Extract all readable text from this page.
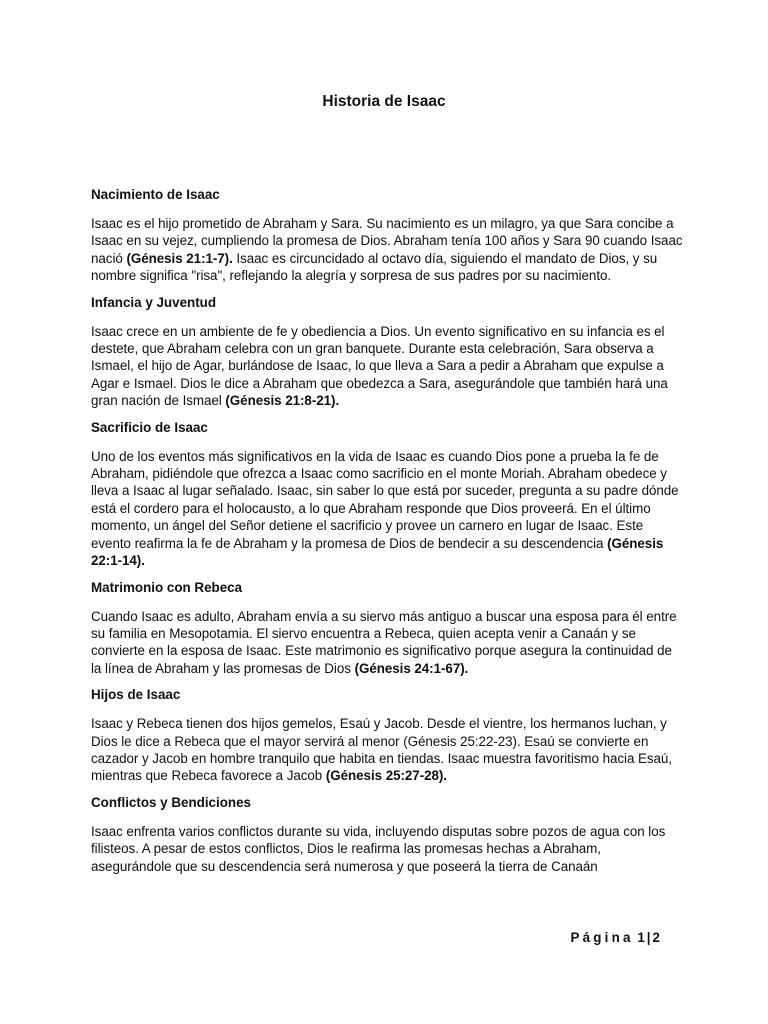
Historia de Isaac

Nacimiento de Isaac

Isaac es el hijo prometido de Abraham y Sara. Su nacimiento es un milagro, ya que Sara concibe a Isaac en su vejez, cumpliendo la promesa de Dios. Abraham tenía 100 años y Sara 90 cuando Isaac nació (Génesis 21:1-7). Isaac es circuncidado al octavo día, siguiendo el mandato de Dios, y su nombre significa "risa", reflejando la alegría y sorpresa de sus padres por su nacimiento.

Infancia y Juventud

Isaac crece en un ambiente de fe y obediencia a Dios. Un evento significativo en su infancia es el destete, que Abraham celebra con un gran banquete. Durante esta celebración, Sara observa a Ismael, el hijo de Agar, burlándose de Isaac, lo que lleva a Sara a pedir a Abraham que expulse a Agar e Ismael. Dios le dice a Abraham que obedezca a Sara, asegurándole que también hará una gran nación de Ismael (Génesis 21:8-21).

Sacrificio de Isaac

Uno de los eventos más significativos en la vida de Isaac es cuando Dios pone a prueba la fe de Abraham, pidiéndole que ofrezca a Isaac como sacrificio en el monte Moriah. Abraham obedece y lleva a Isaac al lugar señalado. Isaac, sin saber lo que está por suceder, pregunta a su padre dónde está el cordero para el holocausto, a lo que Abraham responde que Dios proveerá. En el último momento, un ángel del Señor detiene el sacrificio y provee un carnero en lugar de Isaac. Este evento reafirma la fe de Abraham y la promesa de Dios de bendecir a su descendencia (Génesis 22:1-14).

Matrimonio con Rebeca

Cuando Isaac es adulto, Abraham envía a su siervo más antiguo a buscar una esposa para él entre su familia en Mesopotamia. El siervo encuentra a Rebeca, quien acepta venir a Canaán y se convierte en la esposa de Isaac. Este matrimonio es significativo porque asegura la continuidad de la línea de Abraham y las promesas de Dios (Génesis 24:1-67).

Hijos de Isaac

Isaac y Rebeca tienen dos hijos gemelos, Esaú y Jacob. Desde el vientre, los hermanos luchan, y Dios le dice a Rebeca que el mayor servirá al menor (Génesis 25:22-23). Esaú se convierte en cazador y Jacob en hombre tranquilo que habita en tiendas. Isaac muestra favoritismo hacia Esaú, mientras que Rebeca favorece a Jacob (Génesis 25:27-28).

Conflictos y Bendiciones

Isaac enfrenta varios conflictos durante su vida, incluyendo disputas sobre pozos de agua con los filisteos. A pesar de estos conflictos, Dios le reafirma las promesas hechas a Abraham, asegurándole que su descendencia será numerosa y que poseerá la tierra de Canaán

Página 1 | 2
